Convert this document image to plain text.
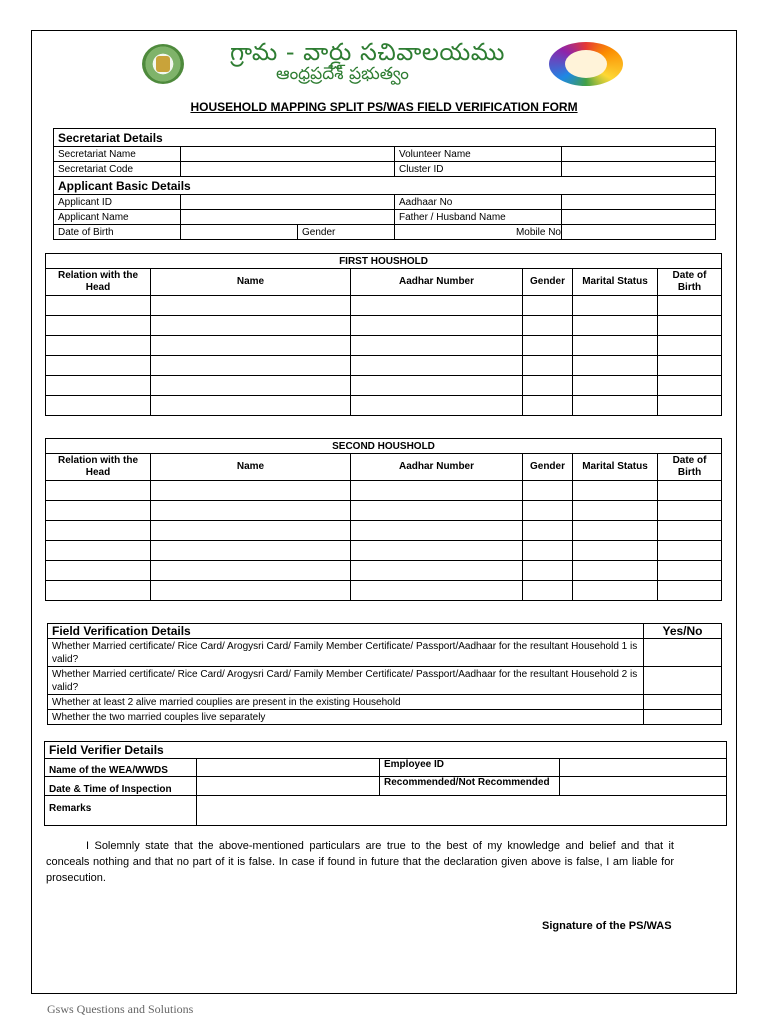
గ్రామ - వార్డు సచివాలయము
ఆంధ్రప్రదేశ్ ప్రభుత్వం
HOUSEHOLD MAPPING SPLIT PS/WAS FIELD VERIFICATION FORM
Secretariat Details				
Secretariat Name			Volunteer Name	
Secretariat Code			Cluster ID	
Applicant Basic Details				
Applicant ID			Aadhaar No	
Applicant Name			Father / Husband Name	
Date of Birth		Gender	Mobile No	
FIRST HOUSHOLD					
Relation with the Head	Name	Aadhar Number	Gender	Marital Status	Date of Birth

SECOND HOUSHOLD					
Relation with the Head	Name	Aadhar Number	Gender	Marital Status	Date of Birth

Field Verification Details	Yes/No
Whether Married certificate/ Rice Card/ Arogysri Card/ Family Member Certificate/ Passport/Aadhaar for the resultant Household 1 is valid?	
Whether Married certificate/ Rice Card/ Arogysri Card/ Family Member Certificate/ Passport/Aadhaar for the resultant Household 2 is valid?	
Whether at least 2 alive married couplies are present in the existing Household	
Whether the two married couples live separately	
Field Verifier Details			
Name of the WEA/WWDS		Employee ID	
Date & Time of Inspection		Recommended/Not Recommended	
Remarks			
I Solemnly state that the above-mentioned particulars are true to the best of my knowledge and belief and that it conceals nothing and that no part of it is false. In case if found in future that the declaration given above is false, I am liable for prosecution.
Signature of the PS/WAS
Gsws Questions and Solutions
